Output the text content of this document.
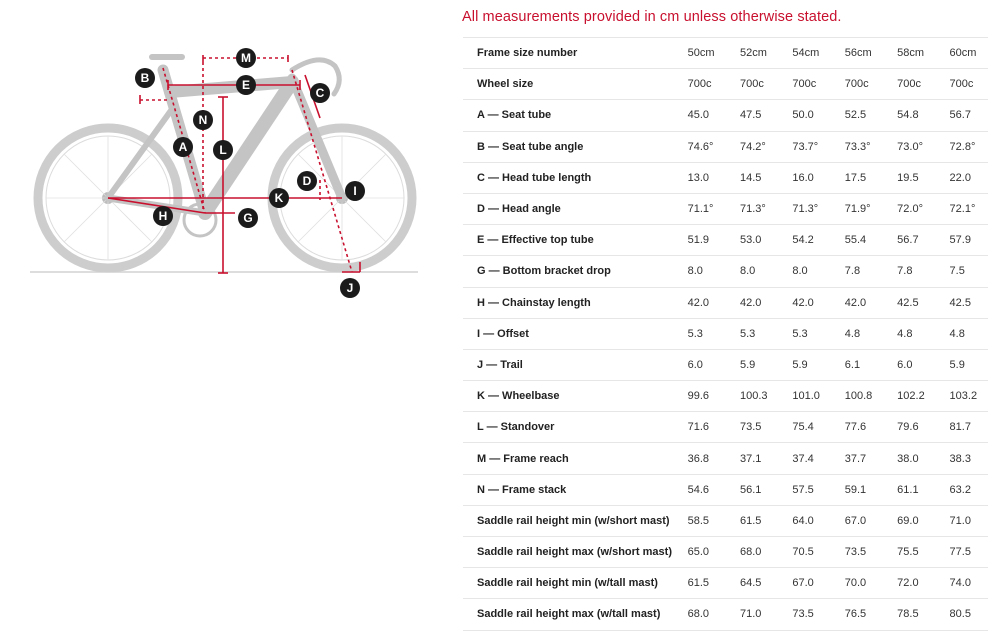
M
B	E
C
N
A	L
D
I
K
H	G
J
All measurements provided in cm unless otherwise stated.
Frame size number	50cm	52cm	54cm	56cm	58cm	60cm
Wheel size	700c	700c	700c	700c	700c	700c
A — Seat tube	45.0	47.5	50.0	52.5	54.8	56.7
B — Seat tube angle	74.6°	74.2°	73.7°	73.3°	73.0°	72.8°
C — Head tube length	13.0	14.5	16.0	17.5	19.5	22.0
D — Head angle	71.1°	71.3°	71.3°	71.9°	72.0°	72.1°
E — Effective top tube	51.9	53.0	54.2	55.4	56.7	57.9
G — Bottom bracket drop	8.0	8.0	8.0	7.8	7.8	7.5
H — Chainstay length	42.0	42.0	42.0	42.0	42.5	42.5
I — Offset	5.3	5.3	5.3	4.8	4.8	4.8
J — Trail	6.0	5.9	5.9	6.1	6.0	5.9
K — Wheelbase	99.6	100.3	101.0	100.8	102.2	103.2
L — Standover	71.6	73.5	75.4	77.6	79.6	81.7
M — Frame reach	36.8	37.1	37.4	37.7	38.0	38.3
N — Frame stack	54.6	56.1	57.5	59.1	61.1	63.2
Saddle rail height min (w/short mast)	58.5	61.5	64.0	67.0	69.0	71.0
Saddle rail height max (w/short mast)	65.0	68.0	70.5	73.5	75.5	77.5
Saddle rail height min (w/tall mast)	61.5	64.5	67.0	70.0	72.0	74.0
Saddle rail height max (w/tall mast)	68.0	71.0	73.5	76.5	78.5	80.5
